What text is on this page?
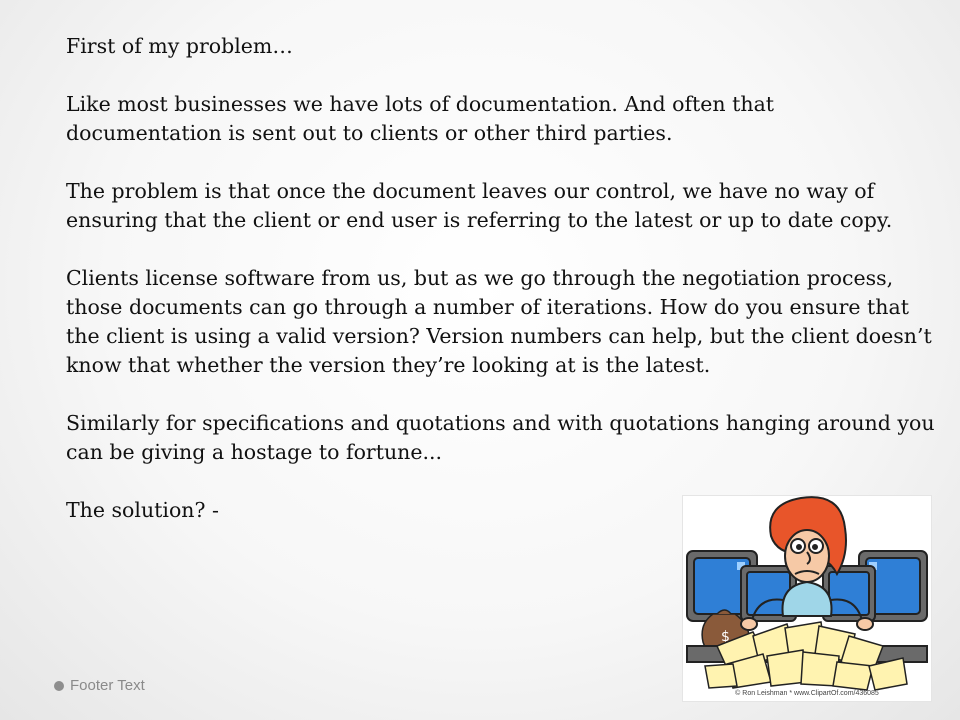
First of my problem…

Like most businesses we have lots of documentation. And often that documentation is sent out to clients or other third parties.

The problem is that once the document leaves our control, we have no way of ensuring that the client or end user is referring to the latest or up to date copy.

Clients license software from us, but as we go through the negotiation process, those documents can go through a number of iterations. How do you ensure that the client is using a valid version? Version numbers can help, but the client doesn’t know that whether the version they’re looking at is the latest.

Similarly for specifications and quotations and with quotations hanging around you can be giving a hostage to fortune...

The solution? -

$
© Ron Leishman * www.ClipartOf.com/436085
Footer Text
